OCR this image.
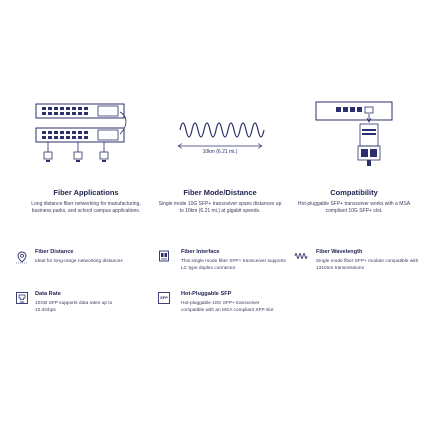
10km (6.21 mi.)
Fiber Applications
Long distance fiber networking for manufacturing, business parks, and school campus applications.
Fiber Mode/Distance
Single mode 10G SFP+ transceiver spans distances up to 10km (6.21 mi.) at gigabit speeds.
Compatibility
Hot-pluggable SFP+ transceiver works with a MSA compliant 10G SFP+ slot.
Fiber Distance
Ideal for long-range networking distances
Fiber Interface
This single mode fiber SFP+ transceiver supports LC type duplex connector
Fiber Wavelength
Single mode fiber SFP+ module compatible with 1310nm transmissions
10G
Data Rate
10GB SFP supports data rates up to 10.3Gbps
SFP
Hot-Pluggable SFP
Hot-pluggable 10G SFP+ transceiver compatible with an MSA compliant SFP slot
